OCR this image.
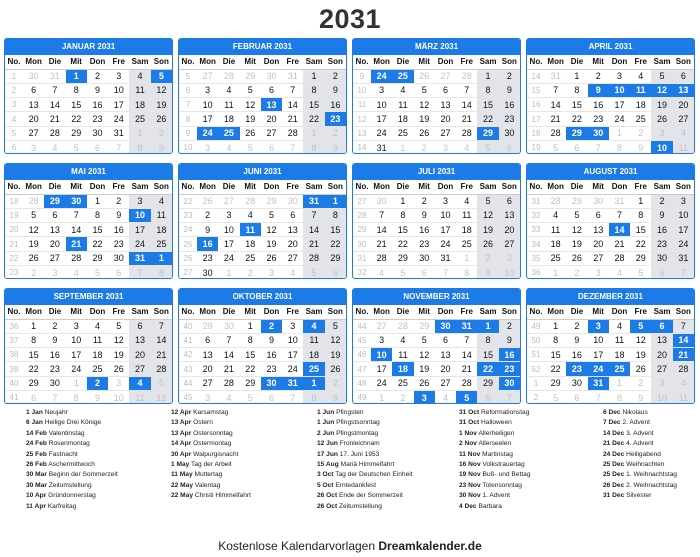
2031
JANUAR 2031
No.	Mon	Die	Mit	Don	Fre	Sam	Son
1	30	31	1	2	3	4	5
2	6	7	8	9	10	11	12
3	13	14	15	16	17	18	19
4	20	21	22	23	24	25	26
5	27	28	29	30	31	1	2
6	3	4	5	6	7	8	9
FEBRUAR 2031
No.	Mon	Die	Mit	Don	Fre	Sam	Son
5	27	28	29	30	31	1	2
6	3	4	5	6	7	8	9
7	10	11	12	13	14	15	16
8	17	18	19	20	21	22	23
9	24	25	26	27	28	1	2
10	3	4	5	6	7	8	9
MÄRZ 2031
No.	Mon	Die	Mit	Don	Fre	Sam	Son
9	24	25	26	27	28	1	2
10	3	4	5	6	7	8	9
11	10	11	12	13	14	15	16
12	17	18	19	20	21	22	23
13	24	25	26	27	28	29	30
14	31	1	2	3	4	5	6
APRIL 2031
No.	Mon	Die	Mit	Don	Fre	Sam	Son
14	31	1	2	3	4	5	6
15	7	8	9	10	11	12	13
16	14	15	16	17	18	19	20
17	21	22	23	24	25	26	27
18	28	29	30	1	2	3	4
19	5	6	7	8	9	10	11
MAI 2031
No.	Mon	Die	Mit	Don	Fre	Sam	Son
18	28	29	30	1	2	3	4
19	5	6	7	8	9	10	11
20	12	13	14	15	16	17	18
21	19	20	21	22	23	24	25
22	26	27	28	29	30	31	1
23	2	3	4	5	6	7	8
JUNI 2031
No.	Mon	Die	Mit	Don	Fre	Sam	Son
22	26	27	28	29	30	31	1
23	2	3	4	5	6	7	8
24	9	10	11	12	13	14	15
25	16	17	18	19	20	21	22
26	23	24	25	26	27	28	29
27	30	1	2	3	4	5	6
JULI 2031
No.	Mon	Die	Mit	Don	Fre	Sam	Son
27	30	1	2	3	4	5	6
28	7	8	9	10	11	12	13
29	14	15	16	17	18	19	20
30	21	22	23	24	25	26	27
31	28	29	30	31	1	2	3
32	4	5	6	7	8	9	10
AUGUST 2031
No.	Mon	Die	Mit	Don	Fre	Sam	Son
31	28	29	30	31	1	2	3
32	4	5	6	7	8	9	10
33	11	12	13	14	15	16	17
34	18	19	20	21	22	23	24
35	25	26	27	28	29	30	31
36	1	2	3	4	5	6	7
SEPTEMBER 2031
No.	Mon	Die	Mit	Don	Fre	Sam	Son
36	1	2	3	4	5	6	7
37	8	9	10	11	12	13	14
38	15	16	17	18	19	20	21
39	22	23	24	25	26	27	28
40	29	30	1	2	3	4	5
41	6	7	8	9	10	11	12
OKTOBER 2031
No.	Mon	Die	Mit	Don	Fre	Sam	Son
40	29	30	1	2	3	4	5
41	6	7	8	9	10	11	12
42	13	14	15	16	17	18	19
43	20	21	22	23	24	25	26
44	27	28	29	30	31	1	2
45	3	4	5	6	7	8	9
NOVEMBER 2031
No.	Mon	Die	Mit	Don	Fre	Sam	Son
44	27	28	29	30	31	1	2
45	3	4	5	6	7	8	9
46	10	11	12	13	14	15	16
47	17	18	19	20	21	22	23
48	24	25	26	27	28	29	30
49	1	2	3	4	5	6	7
DEZEMBER 2031
No.	Mon	Die	Mit	Don	Fre	Sam	Son
49	1	2	3	4	5	6	7
50	8	9	10	11	12	13	14
51	15	16	17	18	19	20	21
52	22	23	24	25	26	27	28
1	29	30	31	1	2	3	4
2	5	6	7	8	9	10	11
1 Jan Neujahr
6 Jan Heilige Drei Könige
14 Feb Valentinstag
24 Feb Rosenmontag
25 Feb Fastnacht
26 Feb Aschermittwoch
30 Mar Beginn der Sommerzeit
30 Mar Zeitumstellung
10 Apr Gründonnerstag
11 Apr Karfreitag
12 Apr Karsamstag
13 Apr Ostern
13 Apr Ostersonntag
14 Apr Ostermontag
30 Apr Walpurgisnacht
1 May Tag der Arbeit
11 May Muttertag
22 May Valentag
22 May Christi Himmelfahrt
1 Jun Pfingsten
1 Jun Pfingstsonntag
2 Jun Pfingstmontag
12 Jun Fronleichnam
17 Jun 17. Juni 1953
15 Aug Mariä Himmelfahrt
3 Oct Tag der Deutschen Einheit
5 Oct Erntedankfest
26 Oct Ende der Sommerzeit
26 Oct Zeitumstellung
31 Oct Reformationstag
31 Oct Halloween
1 Nov Allerheiligen
2 Nov Allerseelen
11 Nov Martinstag
16 Nov Volkstrauertag
19 Nov Buß- und Bettag
23 Nov Totensonntag
30 Nov 1. Advent
4 Dec Barbara
6 Dec Nikolaus
7 Dec 2. Advent
14 Dec 3. Advent
21 Dec 4. Advent
24 Dec Heiligabend
25 Dec Weihnachten
25 Dec 1. Weihnachtstag
26 Dec 2. Weihnachtstag
31 Dec Silvester
Kostenlose Kalendarvorlagen Dreamkalender.de
